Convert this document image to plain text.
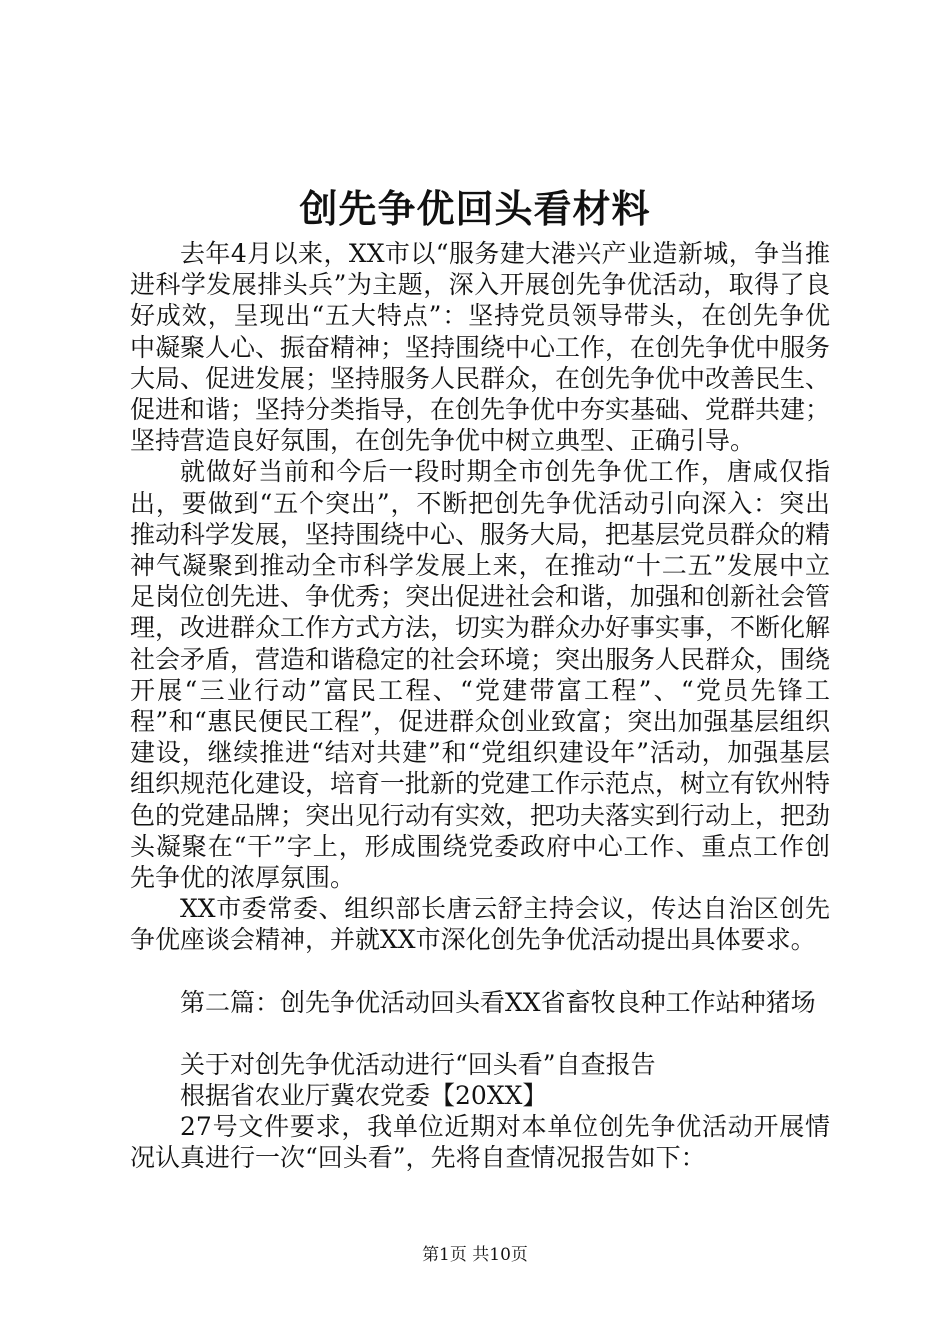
创先争优回头看材料

去年4月以来，XX市以“服务建大港兴产业造新城，争当推进科学发展排头兵”为主题，深入开展创先争优活动，取得了良好成效，呈现出“五大特点”：坚持党员领导带头，在创先争优中凝聚人心、振奋精神；坚持围绕中心工作，在创先争优中服务大局、促进发展；坚持服务人民群众，在创先争优中改善民生、促进和谐；坚持分类指导，在创先争优中夯实基础、党群共建；坚持营造良好氛围，在创先争优中树立典型、正确引导。

就做好当前和今后一段时期全市创先争优工作，唐咸仅指出，要做到“五个突出”，不断把创先争优活动引向深入：突出推动科学发展，坚持围绕中心、服务大局，把基层党员群众的精神气凝聚到推动全市科学发展上来，在推动“十二五”发展中立足岗位创先进、争优秀；突出促进社会和谐，加强和创新社会管理，改进群众工作方式方法，切实为群众办好事实事，不断化解社会矛盾，营造和谐稳定的社会环境；突出服务人民群众，围绕开展“三业行动”富民工程、“党建带富工程”、“党员先锋工程”和“惠民便民工程”，促进群众创业致富；突出加强基层组织建设，继续推进“结对共建”和“党组织建设年”活动，加强基层组织规范化建设，培育一批新的党建工作示范点，树立有钦州特色的党建品牌；突出见行动有实效，把功夫落实到行动上，把劲头凝聚在“干”字上，形成围绕党委政府中心工作、重点工作创先争优的浓厚氛围。

XX市委常委、组织部长唐云舒主持会议，传达自治区创先争优座谈会精神，并就XX市深化创先争优活动提出具体要求。

第二篇：创先争优活动回头看XX省畜牧良种工作站种猪场

关于对创先争优活动进行“回头看”自查报告

根据省农业厅冀农党委【20XX】

27号文件要求，我单位近期对本单位创先争优活动开展情况认真进行一次“回头看”，先将自查情况报告如下：

第1页 共10页
